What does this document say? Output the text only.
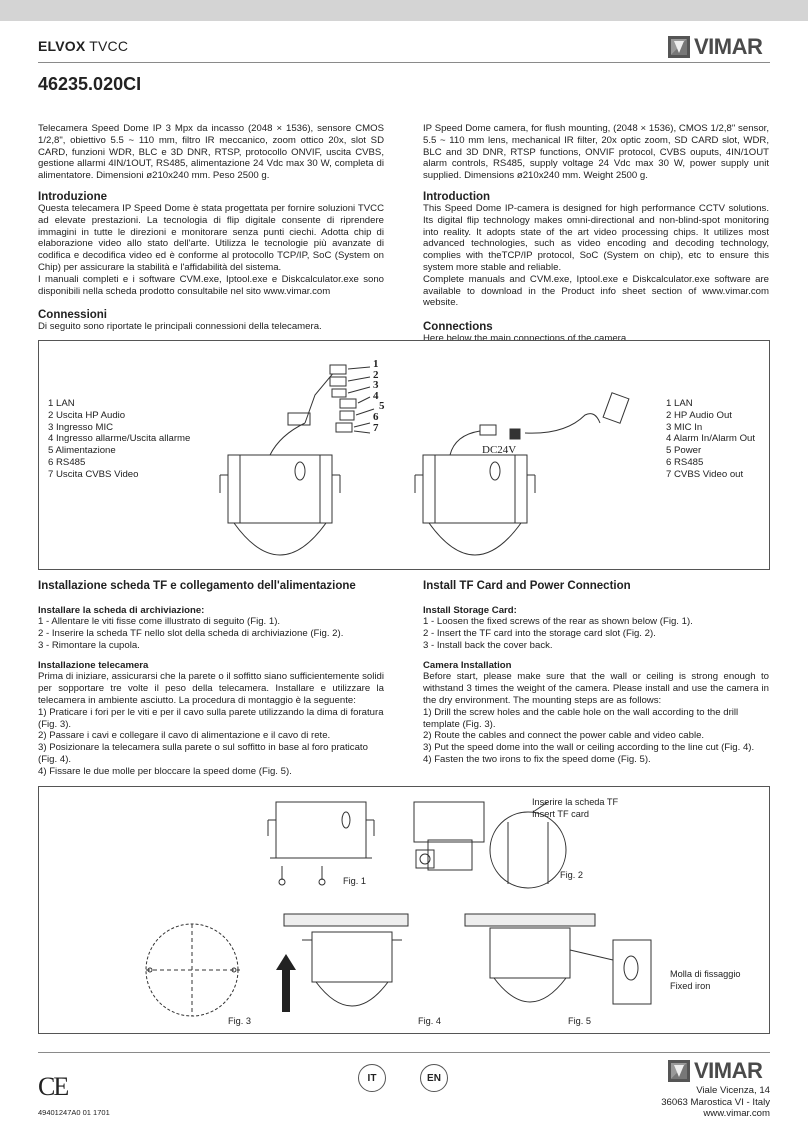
ELVOX TVCC	VIMAR
46235.020CI
Telecamera Speed Dome IP 3 Mpx da incasso (2048 × 1536), sensore CMOS 1/2,8", obiettivo 5.5 ~ 110 mm, filtro IR meccanico, zoom ottico 20x, slot SD CARD, funzioni WDR, BLC e 3D DNR, RTSP, protocollo ONVIF, uscita CVBS, gestione allarmi 4IN/1OUT, RS485, alimentazione 24 Vdc max 30 W, completa di alimentatore. Dimensioni ø210x240 mm. Peso 2500 g.
Introduzione
Questa telecamera IP Speed Dome è stata progettata per fornire soluzioni TVCC ad elevate prestazioni. La tecnologia di flip digitale consente di riprendere immagini in tutte le direzioni e monitorare senza punti ciechi. Adotta chip di elaborazione video allo stato dell'arte. Utilizza le tecnologie più avanzate di codifica e decodifica video ed è conforme al protocollo TCP/IP, SoC (System on Chip) per assicurare la stabilità e l'affidabilità del sistema.
I manuali completi e i software CVM.exe, Iptool.exe e Diskcalculator.exe sono disponibili nella scheda prodotto consultabile nel sito www.vimar.com
Connessioni
Di seguito sono riportate le principali connessioni della telecamera.
IP Speed Dome camera, for flush mounting, (2048 × 1536), CMOS 1/2,8" sensor, 5.5 ~ 110 mm lens, mechanical IR filter, 20x optic zoom, SD CARD slot, WDR, BLC and 3D DNR, RTSP functions, ONVIF protocol, CVBS ouputs, 4IN/1OUT alarm controls, RS485, supply voltage 24 Vdc max 30 W, power supply unit supplied. Dimensions ø210x240 mm. Weight 2500 g.
Introduction
This Speed Dome IP-camera is designed for high performance CCTV solutions. Its digital flip technology makes omni-directional and non-blind-spot monitoring into reality. It adopts state of the art video processing chips. It utilizes most advanced technologies, such as video encoding and decoding technology, complies with theTCP/IP protocol, SoC (System on chip), etc to ensure this system more stable and reliable.
Complete manuals and CVM.exe, Iptool.exe e Diskcalculator.exe software are available to download in the Product info sheet section of www.vimar.com website.
Connections
Here below the main connections of the camera
1 LAN
2 Uscita HP Audio
3 Ingresso MIC
4 Ingresso allarme/Uscita allarme
5 Alimentazione
6 RS485
7 Uscita CVBS Video
1 LAN
2 HP Audio Out
3 MIC In
4 Alarm In/Alarm Out
5 Power
6 RS485
7 CVBS Video out
1
2
3
4
5
6
7
DC24V
Installazione scheda TF e collegamento dell'alimentazione
Installare la scheda di archiviazione:
1 - Allentare le viti fisse come illustrato di seguito (Fig. 1).
2 - Inserire la scheda TF nello slot della scheda di archiviazione (Fig. 2).
3 - Rimontare la cupola.
Installazione telecamera
Prima di iniziare, assicurarsi che la parete o il soffitto siano sufficientemente solidi per sopportare tre volte il peso della telecamera. Installare e utilizzare la telecamera in ambiente asciutto. La procedura di montaggio è la seguente:
1) Praticare i fori per le viti e per il cavo sulla parete utilizzando la dima di foratura (Fig. 3).
2) Passare i cavi e collegare il cavo di alimentazione e il cavo di rete.
3) Posizionare la telecamera sulla parete o sul soffitto in base al foro praticato (Fig. 4).
4) Fissare le due molle per bloccare la speed dome (Fig. 5).
Install TF Card and Power Connection
Install Storage Card:
1 - Loosen the fixed screws of the rear as shown below (Fig. 1).
2 - Insert the TF card into the storage card slot (Fig. 2).
3 - Install back the cover back.
Camera Installation
Before start, please make sure that the wall or ceiling is strong enough to withstand 3 times the weight of the camera. Please install and use the camera in the dry environment. The mounting steps are as follows:
1) Drill the screw holes and the cable hole on the wall according to the drill template (Fig. 3).
2) Route the cables and connect the power cable and video cable.
3) Put the speed dome into the wall or ceiling according to the line cut (Fig. 4).
4) Fasten the two irons to fix the speed dome (Fig. 5).
Fig. 1
Inserire la scheda TF
Insert TF card
Fig. 2
Fig. 3	Fig. 4
Molla di fissaggio
Fixed iron
Fig. 5
CE
49401247A0 01 1701
IT	EN	VIMAR
Viale Vicenza, 14
36063 Marostica VI - Italy
www.vimar.com
